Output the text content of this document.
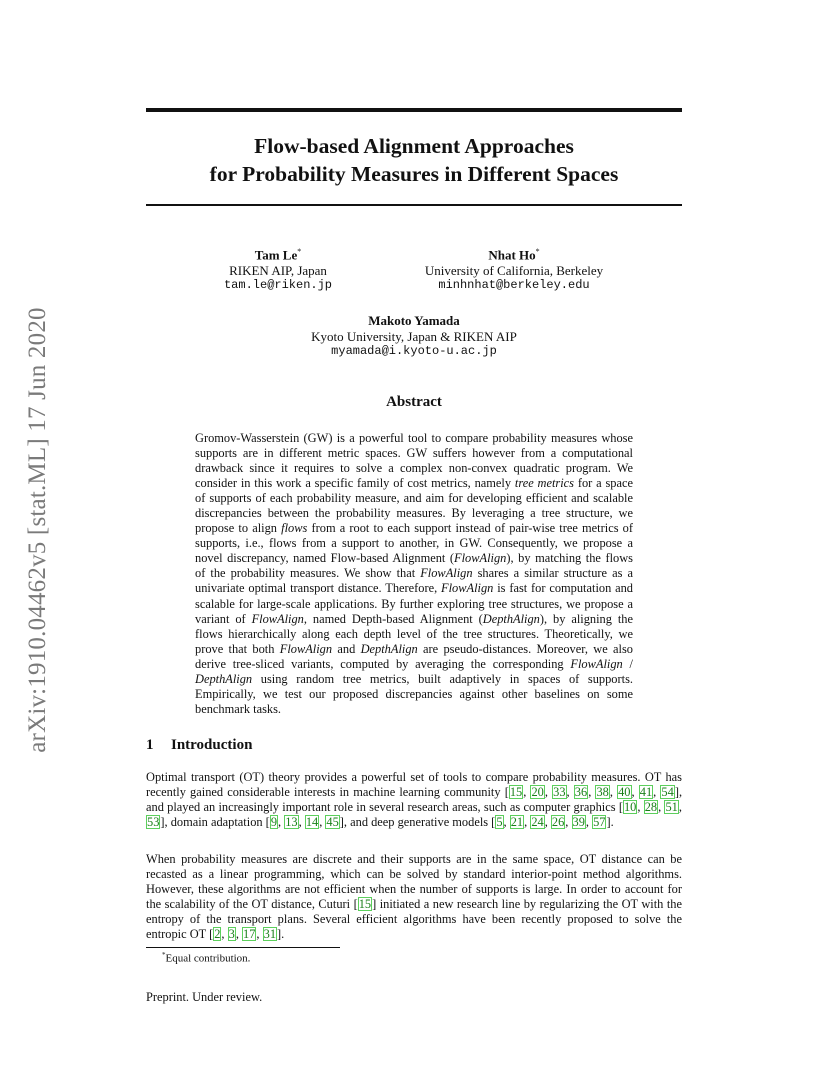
arXiv:1910.04462v5 [stat.ML] 17 Jun 2020
Flow-based Alignment Approaches
for Probability Measures in Different Spaces
Tam Le*
RIKEN AIP, Japan
tam.le@riken.jp
Nhat Ho*
University of California, Berkeley
minhnhat@berkeley.edu
Makoto Yamada
Kyoto University, Japan & RIKEN AIP
myamada@i.kyoto-u.ac.jp
Abstract

Gromov-Wasserstein (GW) is a powerful tool to compare probability measures whose supports are in different metric spaces. GW suffers however from a computational drawback since it requires to solve a complex non-convex quadratic program. We consider in this work a specific family of cost metrics, namely tree metrics for a space of supports of each probability measure, and aim for developing efficient and scalable discrepancies between the probability measures. By leveraging a tree structure, we propose to align flows from a root to each support instead of pair-wise tree metrics of supports, i.e., flows from a support to another, in GW. Consequently, we propose a novel discrepancy, named Flow-based Alignment (FlowAlign), by matching the flows of the probability measures. We show that FlowAlign shares a similar structure as a univariate optimal transport distance. Therefore, FlowAlign is fast for computation and scalable for large-scale applications. By further exploring tree structures, we propose a variant of FlowAlign, named Depth-based Alignment (DepthAlign), by aligning the flows hierarchically along each depth level of the tree structures. Theoretically, we prove that both FlowAlign and DepthAlign are pseudo-distances. Moreover, we also derive tree-sliced variants, computed by averaging the corresponding FlowAlign / DepthAlign using random tree metrics, built adaptively in spaces of supports. Empirically, we test our proposed discrepancies against other baselines on some benchmark tasks.

1 Introduction

Optimal transport (OT) theory provides a powerful set of tools to compare probability measures. OT has recently gained considerable interests in machine learning community [15, 20, 33, 36, 38, 40, 41, 54], and played an increasingly important role in several research areas, such as computer graphics [10, 28, 51, 53], domain adaptation [9, 13, 14, 45], and deep generative models [5, 21, 24, 26, 39, 57].

When probability measures are discrete and their supports are in the same space, OT distance can be recasted as a linear programming, which can be solved by standard interior-point method algorithms. However, these algorithms are not efficient when the number of supports is large. In order to account for the scalability of the OT distance, Cuturi [15] initiated a new research line by regularizing the OT with the entropy of the transport plans. Several efficient algorithms have been recently proposed to solve the entropic OT [2, 3, 17, 31].

*Equal contribution.
Preprint. Under review.
